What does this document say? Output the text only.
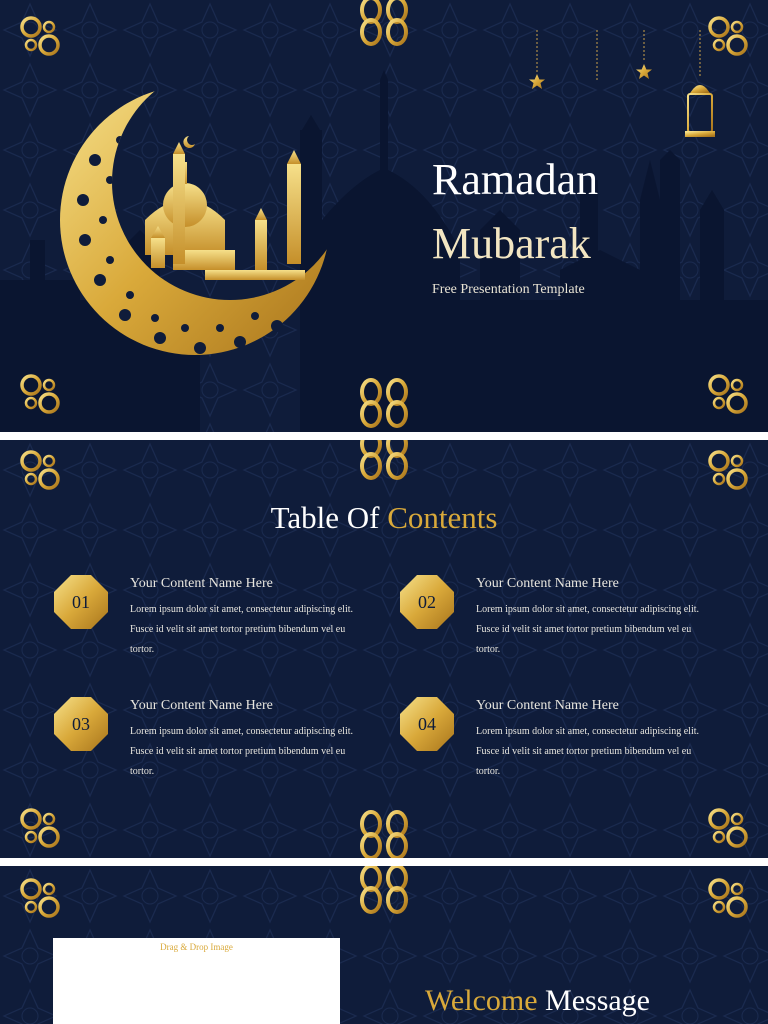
Ramadan
Mubarak
Free Presentation Template
Table Of Contents
01
Your Content Name Here
Lorem ipsum dolor sit amet, consectetur adipiscing elit. Fusce id velit sit amet tortor pretium bibendum vel eu tortor.
02
Your Content Name Here
Lorem ipsum dolor sit amet, consectetur adipiscing elit. Fusce id velit sit amet tortor pretium bibendum vel eu tortor.
03
Your Content Name Here
Lorem ipsum dolor sit amet, consectetur adipiscing elit. Fusce id velit sit amet tortor pretium bibendum vel eu tortor.
04
Your Content Name Here
Lorem ipsum dolor sit amet, consectetur adipiscing elit. Fusce id velit sit amet tortor pretium bibendum vel eu tortor.
Drag & Drop Image
Welcome Message
